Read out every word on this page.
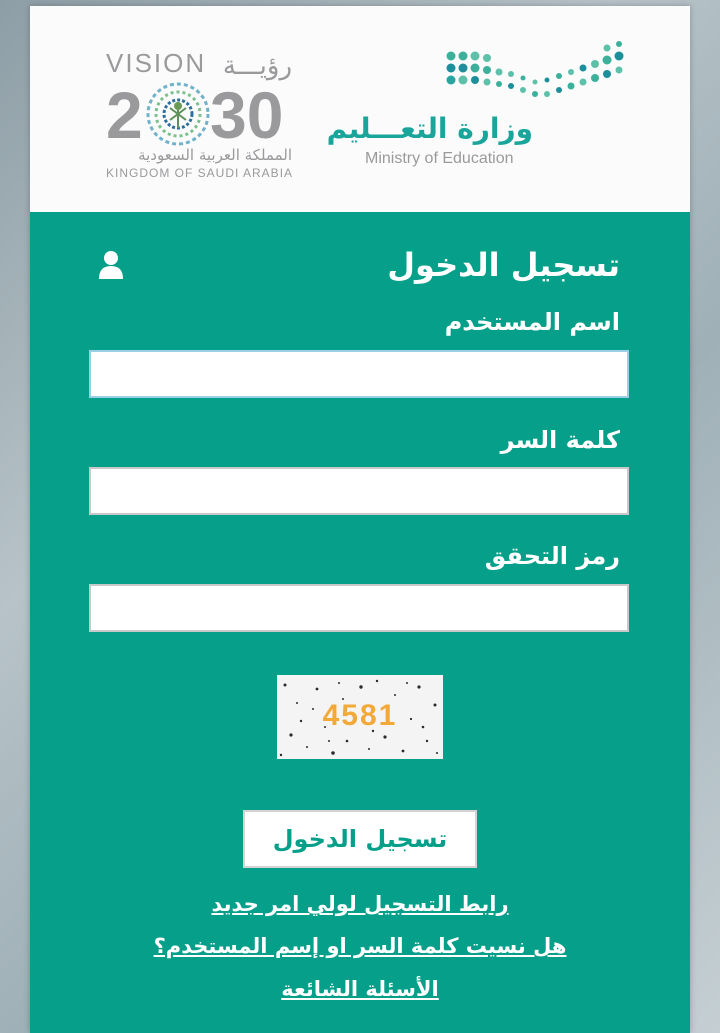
VISION رؤيـــة
2 30
المملكة العربية السعودية
KINGDOM OF SAUDI ARABIA
وزارة التعـــليم
Ministry of Education
تسجيل الدخول
اسم المستخدم
كلمة السر
رمز التحقق
4581
تسجيل الدخول
رابط التسجيل لولي امر جديد
هل نسيت كلمة السر او إسم المستخدم؟
الأسئلة الشائعة
